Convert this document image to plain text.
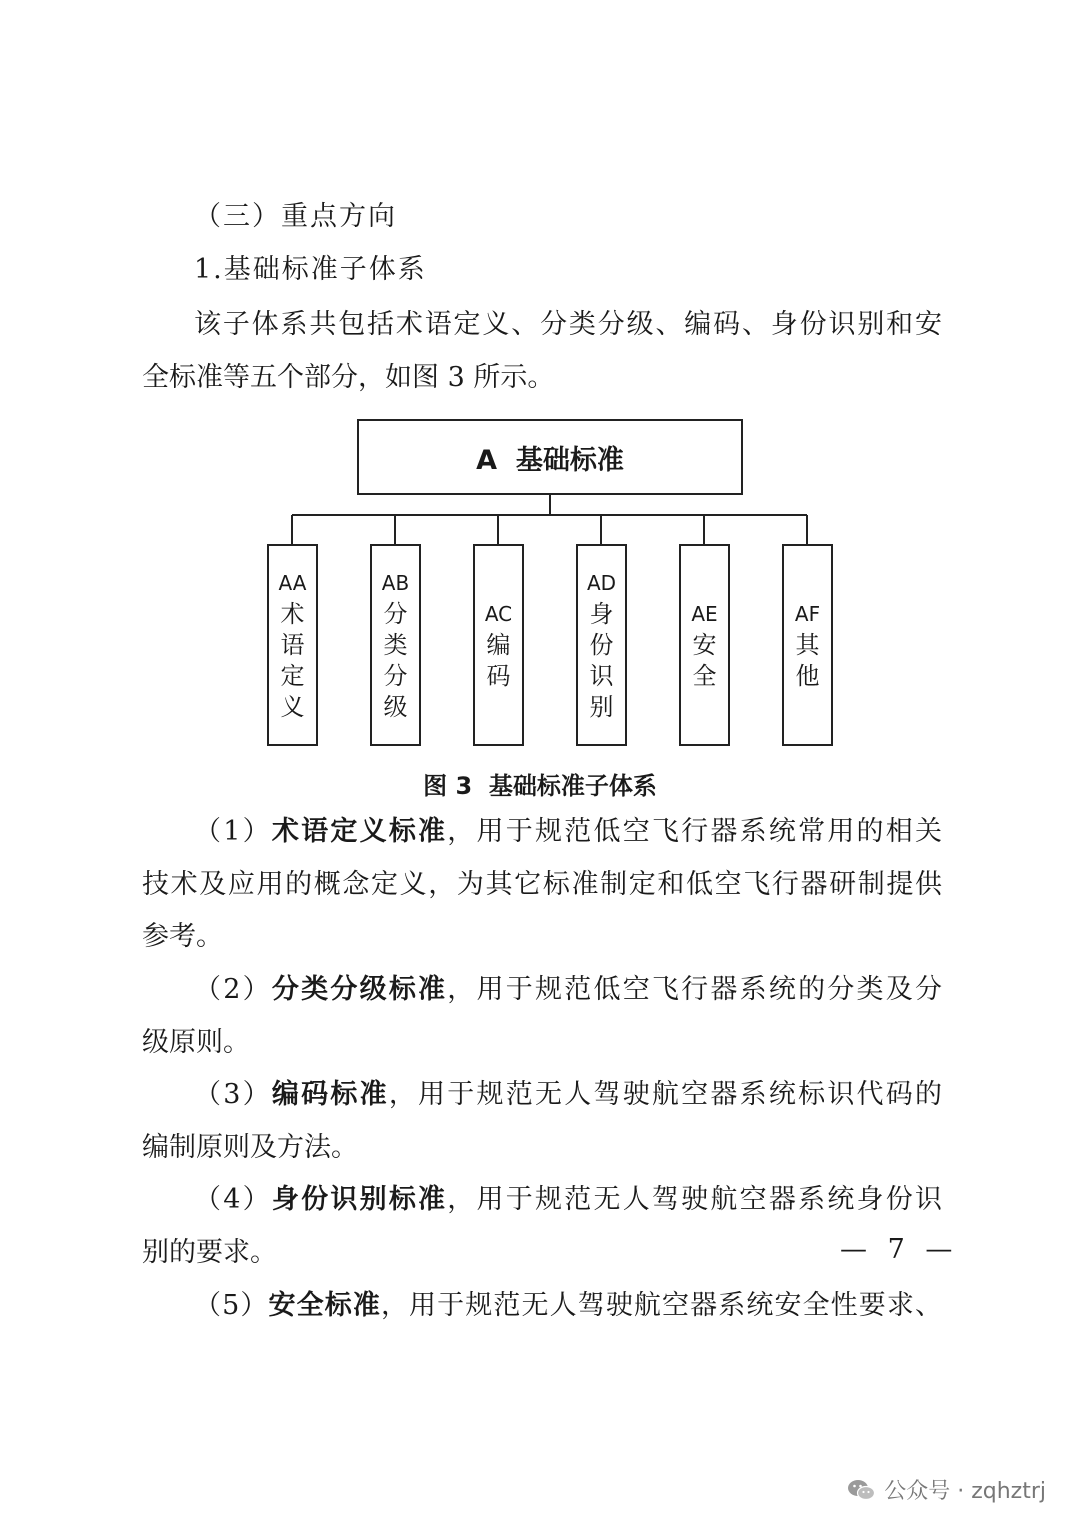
（三）重点方向
1.基础标准子体系
该子体系共包括术语定义、分类分级、编码、身份识别和安
全标准等五个部分，如图 3 所示。
A  基础标准
AA
术
语
定
义
AB
分
类
分
级
AC
编
码
AD
身
份
识
别
AE
安
全
AF
其
他
图 3  基础标准子体系
（1）术语定义标准，用于规范低空飞行器系统常用的相关
技术及应用的概念定义，为其它标准制定和低空飞行器研制提供
参考。
（2）分类分级标准，用于规范低空飞行器系统的分类及分
级原则。
（3）编码标准，用于规范无人驾驶航空器系统标识代码的
编制原则及方法。
（4）身份识别标准，用于规范无人驾驶航空器系统身份识
别的要求。
（5）安全标准，用于规范无人驾驶航空器系统安全性要求、
— 7 —
公众号 · zqhztrj
